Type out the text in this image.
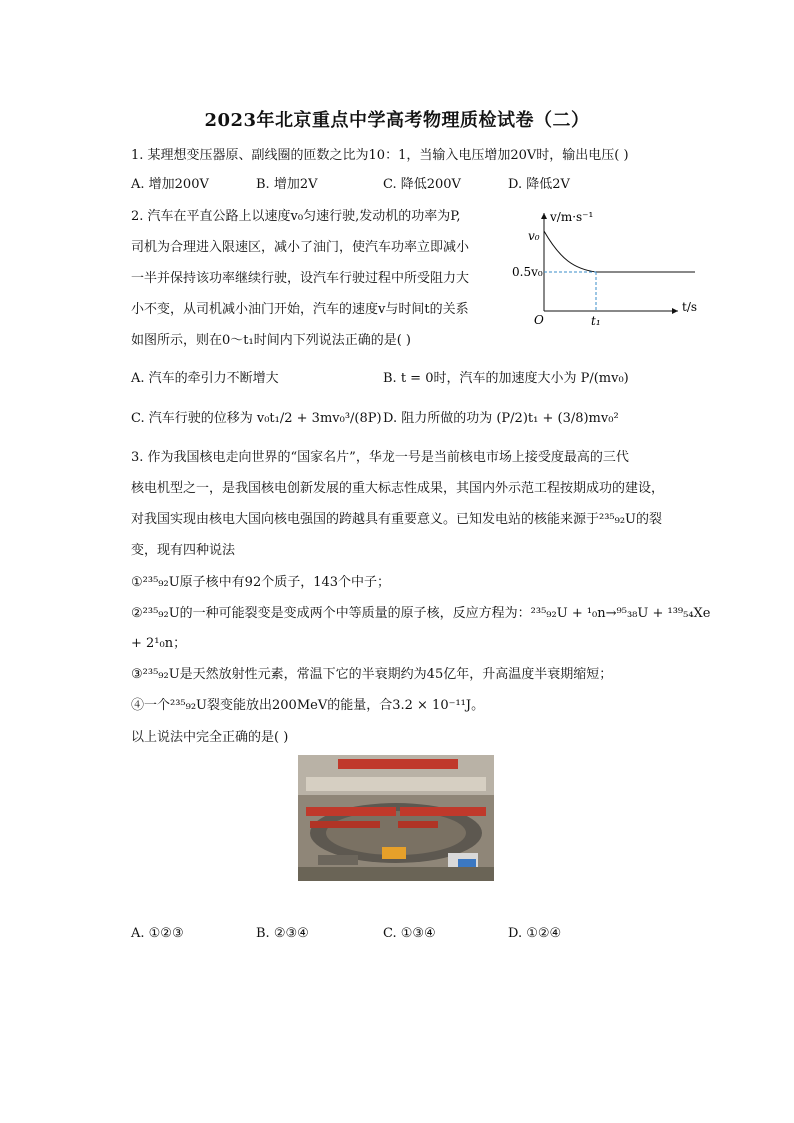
2023年北京重点中学高考物理质检试卷（二）
1. 某理想变压器原、副线圈的匝数之比为10：1，当输入电压增加20V时，输出电压( )
A. 增加200V	B. 增加2V	C. 降低200V	D. 降低2V
2. 汽车在平直公路上以速度v₀匀速行驶,发动机的功率为P,
司机为合理进入限速区，减小了油门，使汽车功率立即减小
一半并保持该功率继续行驶，设汽车行驶过程中所受阻力大
小不变，从司机减小油门开始，汽车的速度v与时间t的关系
如图所示，则在0～t₁时间内下列说法正确的是( )
v/m·s⁻¹
t/s
v₀
0.5v₀
O	t₁
A. 汽车的牵引力不断增大	B. t = 0时，汽车的加速度大小为 P/(mv₀)
C. 汽车行驶的位移为 v₀t₁/2 + 3mv₀³/(8P) D. 阻力所做的功为 (P/2)t₁ + (3/8)mv₀²
3. 作为我国核电走向世界的“国家名片”，华龙一号是当前核电市场上接受度最高的三代
核电机型之一，是我国核电创新发展的重大标志性成果，其国内外示范工程按期成功的建设，
对我国实现由核电大国向核电强国的跨越具有重要意义。已知发电站的核能来源于²³⁵₉₂U的裂
变，现有四种说法
①²³⁵₉₂U原子核中有92个质子，143个中子；
②²³⁵₉₂U的一种可能裂变是变成两个中等质量的原子核，反应方程为：²³⁵₉₂U + ¹₀n→⁹⁵₃₈U + ¹³⁹₅₄Xe
+ 2¹₀n；
③²³⁵₉₂U是天然放射性元素，常温下它的半衰期约为45亿年，升高温度半衰期缩短；
④一个²³⁵₉₂U裂变能放出200MeV的能量，合3.2 × 10⁻¹¹J。
以上说法中完全正确的是( )
A. ①②③	B. ②③④	C. ①③④	D. ①②④
